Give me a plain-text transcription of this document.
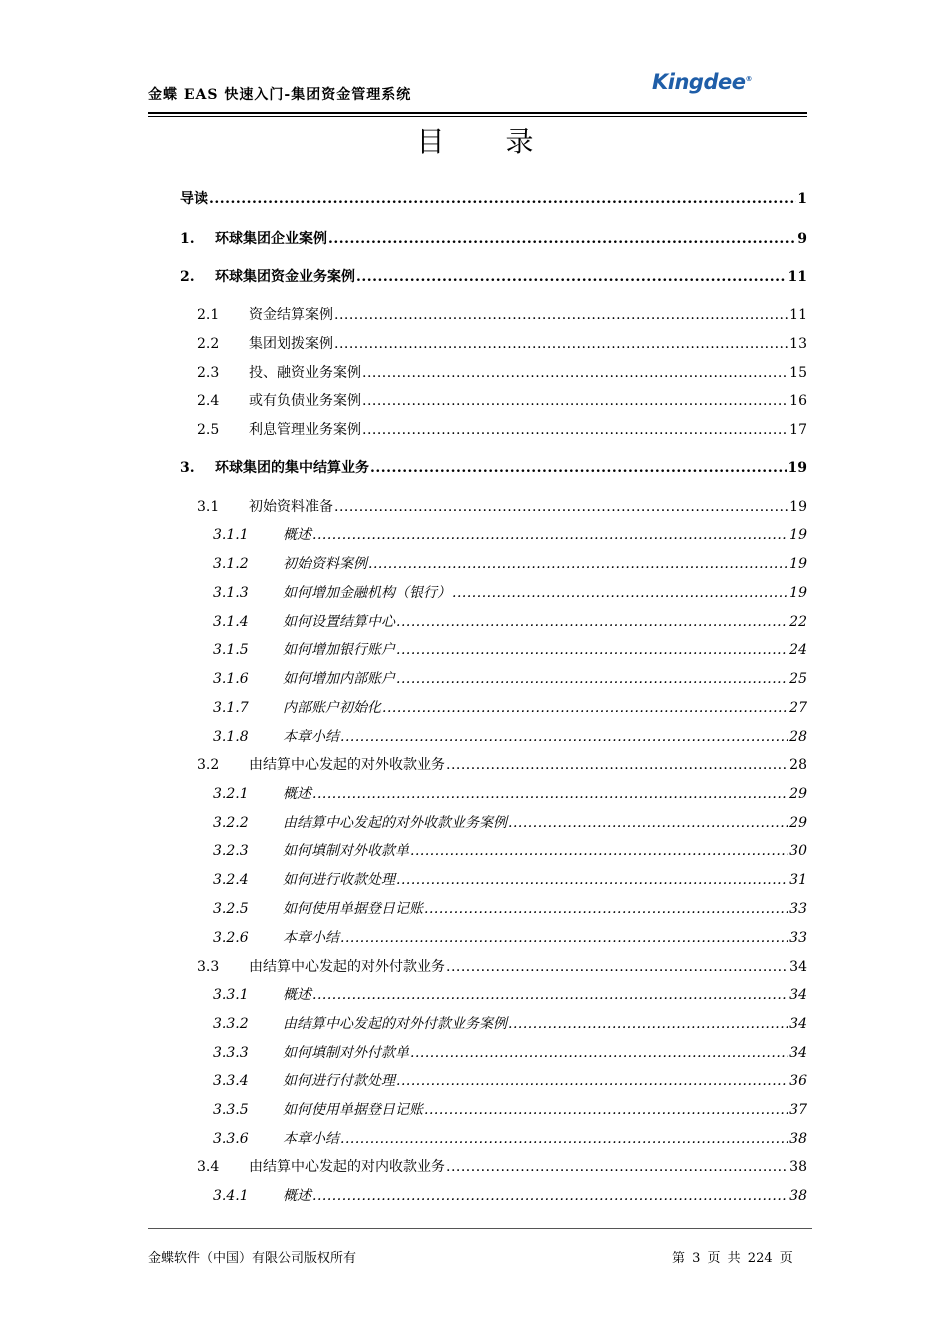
金蝶 EAS 快速入门-集团资金管理系统
Kingdee®
目 录
导读 .....	1
1.	环球集团企业案例 .....	9
2.	环球集团资金业务案例 .....	11
2.1	资金结算案例 .....	11
2.2	集团划拨案例 .....	13
2.3	投、融资业务案例 .....	15
2.4	或有负债业务案例 .....	16
2.5	利息管理业务案例 .....	17
3.	环球集团的集中结算业务 .....	19
3.1	初始资料准备 .....	19
3.1.1	概述 .....	19
3.1.2	初始资料案例 .....	19
3.1.3	如何增加金融机构（银行） .....	19
3.1.4	如何设置结算中心 .....	22
3.1.5	如何增加银行账户 .....	24
3.1.6	如何增加内部账户 .....	25
3.1.7	内部账户初始化 .....	27
3.1.8	本章小结 .....	28
3.2	由结算中心发起的对外收款业务 .....	28
3.2.1	概述 .....	29
3.2.2	由结算中心发起的对外收款业务案例 .....	29
3.2.3	如何填制对外收款单 .....	30
3.2.4	如何进行收款处理 .....	31
3.2.5	如何使用单据登日记账 .....	33
3.2.6	本章小结 .....	33
3.3	由结算中心发起的对外付款业务 .....	34
3.3.1	概述 .....	34
3.3.2	由结算中心发起的对外付款业务案例 .....	34
3.3.3	如何填制对外付款单 .....	34
3.3.4	如何进行付款处理 .....	36
3.3.5	如何使用单据登日记账 .....	37
3.3.6	本章小结 .....	38
3.4	由结算中心发起的对内收款业务 .....	38
3.4.1	概述 .....	38
金蝶软件（中国）有限公司版权所有	第 3 页 共 224 页
